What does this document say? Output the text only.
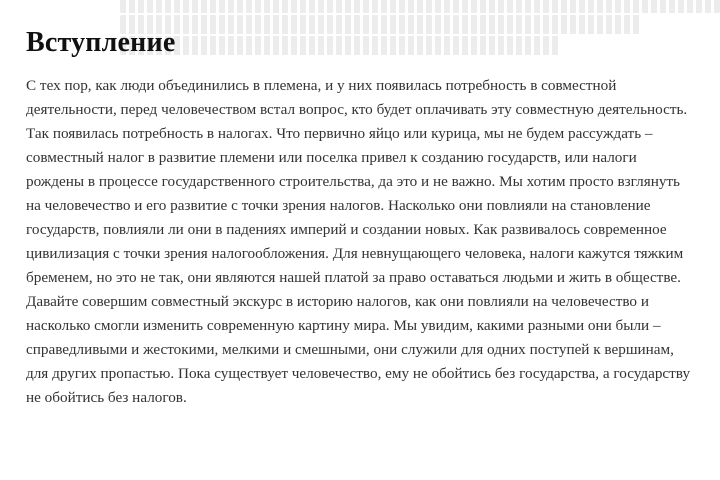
Вступление

С тех пор, как люди объединились в племена, и у них появилась потребность в совместной деятельности, перед человечеством встал вопрос, кто будет оплачивать эту совместную деятельность. Так появилась потребность в налогах. Что первично яйцо или курица, мы не будем рассуждать – совместный налог в развитие племени или поселка привел к созданию государств, или налоги рождены в процессе государственного строительства, да это и не важно. Мы хотим просто взглянуть на человечество и его развитие с точки зрения налогов. Насколько они повлияли на становление государств, повлияли ли они в падениях империй и создании новых. Как развивалось современное цивилизация с точки зрения налогообложения. Для невнущающего человека, налоги кажутся тяжким бременем, но это не так, они являются нашей платой за право оставаться людьми и жить в обществе. Давайте совершим совместный экскурс в историю налогов, как они повлияли на человечество и насколько смогли изменить современную картину мира. Мы увидим, какими разными они были – справедливыми и жестокими, мелкими и смешными, они служили для одних поступей к вершинам, для других пропастью. Пока существует человечество, ему не обойтись без государства, а государству не обойтись без налогов.
